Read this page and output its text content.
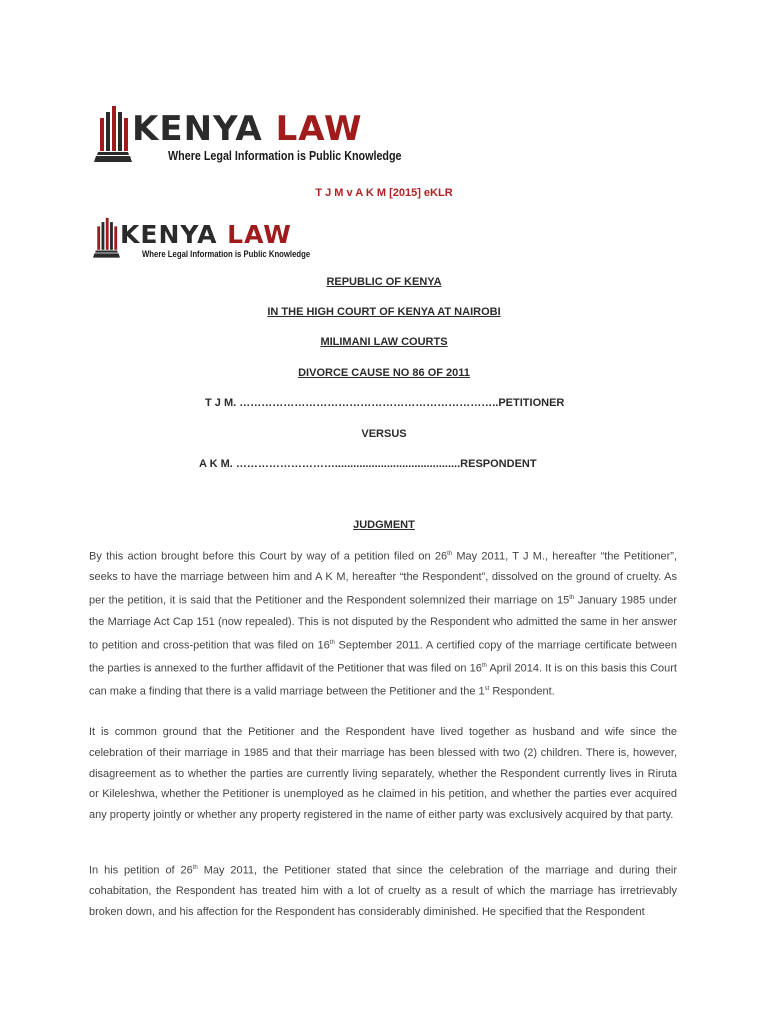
KENYA LAW
Where Legal Information is Public Knowledge
T J M v A K M [2015] eKLR
KENYA LAW
Where Legal Information is Public Knowledge
REPUBLIC OF KENYA
IN THE HIGH COURT OF KENYA AT NAIROBI
MILIMANI LAW COURTS
DIVORCE CAUSE NO 86 OF 2011
T J M. ……………………………………………………………..PETITIONER
VERSUS
A K M. ……………………….........................................RESPONDENT
JUDGMENT
By this action brought before this Court by way of a petition filed on 26th May 2011, T J M., hereafter “the Petitioner”, seeks to have the marriage between him and A K M, hereafter “the Respondent”, dissolved on the ground of cruelty. As per the petition, it is said that the Petitioner and the Respondent solemnized their marriage on 15th January 1985 under the Marriage Act Cap 151 (now repealed). This is not disputed by the Respondent who admitted the same in her answer to petition and cross-petition that was filed on 16th September 2011. A certified copy of the marriage certificate between the parties is annexed to the further affidavit of the Petitioner that was filed on 16th April 2014. It is on this basis this Court can make a finding that there is a valid marriage between the Petitioner and the 1st Respondent.
It is common ground that the Petitioner and the Respondent have lived together as husband and wife since the celebration of their marriage in 1985 and that their marriage has been blessed with two (2) children. There is, however, disagreement as to whether the parties are currently living separately, whether the Respondent currently lives in Riruta or Kileleshwa, whether the Petitioner is unemployed as he claimed in his petition, and whether the parties ever acquired any property jointly or whether any property registered in the name of either party was exclusively acquired by that party.
In his petition of 26th May 2011, the Petitioner stated that since the celebration of the marriage and during their cohabitation, the Respondent has treated him with a lot of cruelty as a result of which the marriage has irretrievably broken down, and his affection for the Respondent has considerably diminished. He specified that the Respondent
